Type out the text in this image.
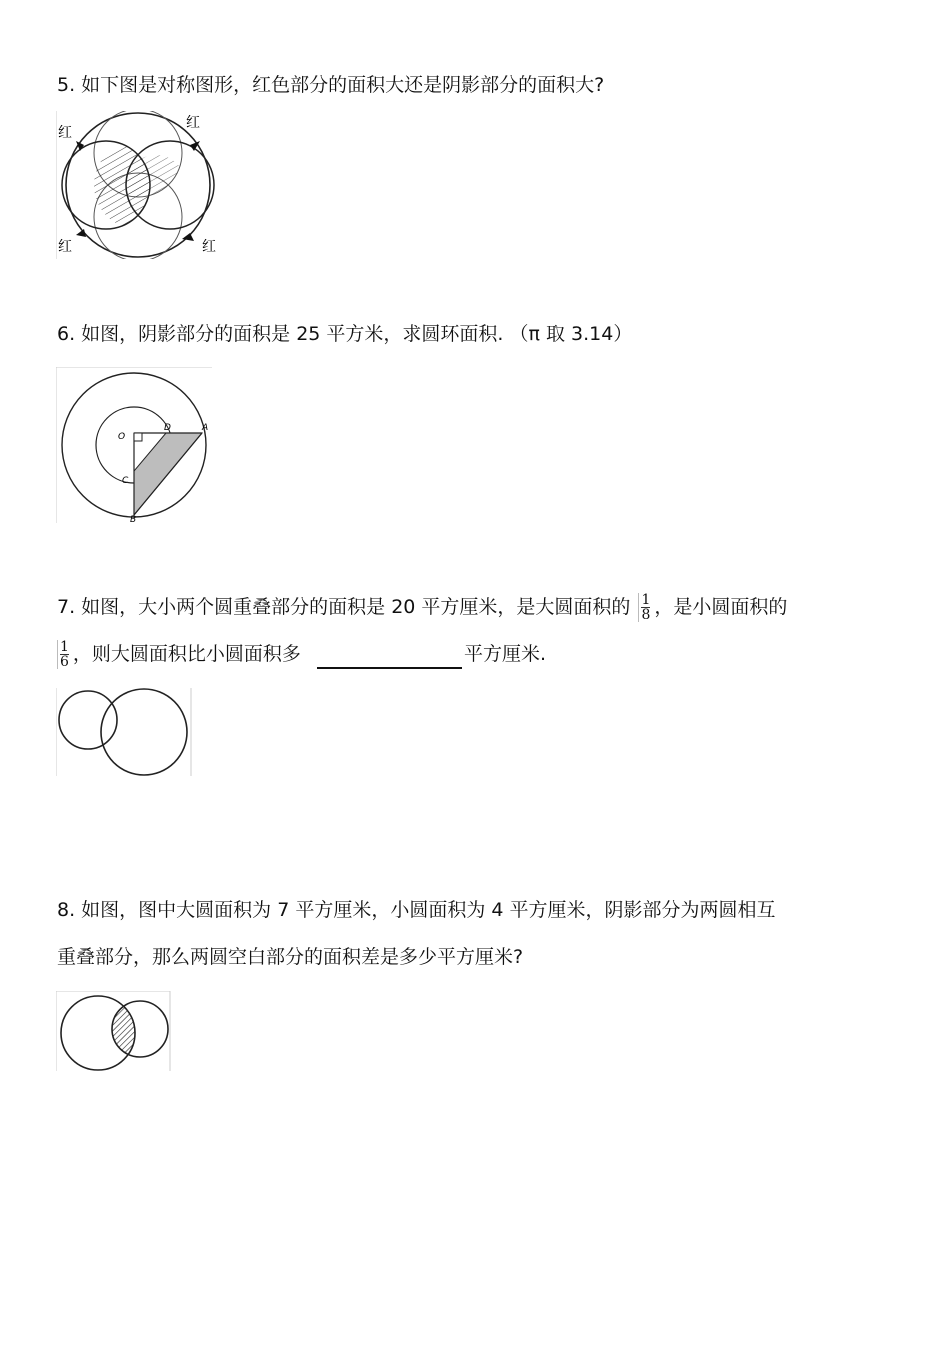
5. 如下图是对称图形，红色部分的面积大还是阴影部分的面积大?
红
红
红	红
6. 如图，阴影部分的面积是 25 平方米，求圆环面积. （π 取 3.14）
O
D	A
C
B
7. 如图，大小两个圆重叠部分的面积是 20 平方厘米，是大圆面积的 $\frac{1}{8}$ ，是小圆面积的
$\frac{1}{6}$ ，则大圆面积比小圆面积多	平方厘米.
8. 如图，图中大圆面积为 7 平方厘米，小圆面积为 4 平方厘米，阴影部分为两圆相互
重叠部分，那么两圆空白部分的面积差是多少平方厘米?
